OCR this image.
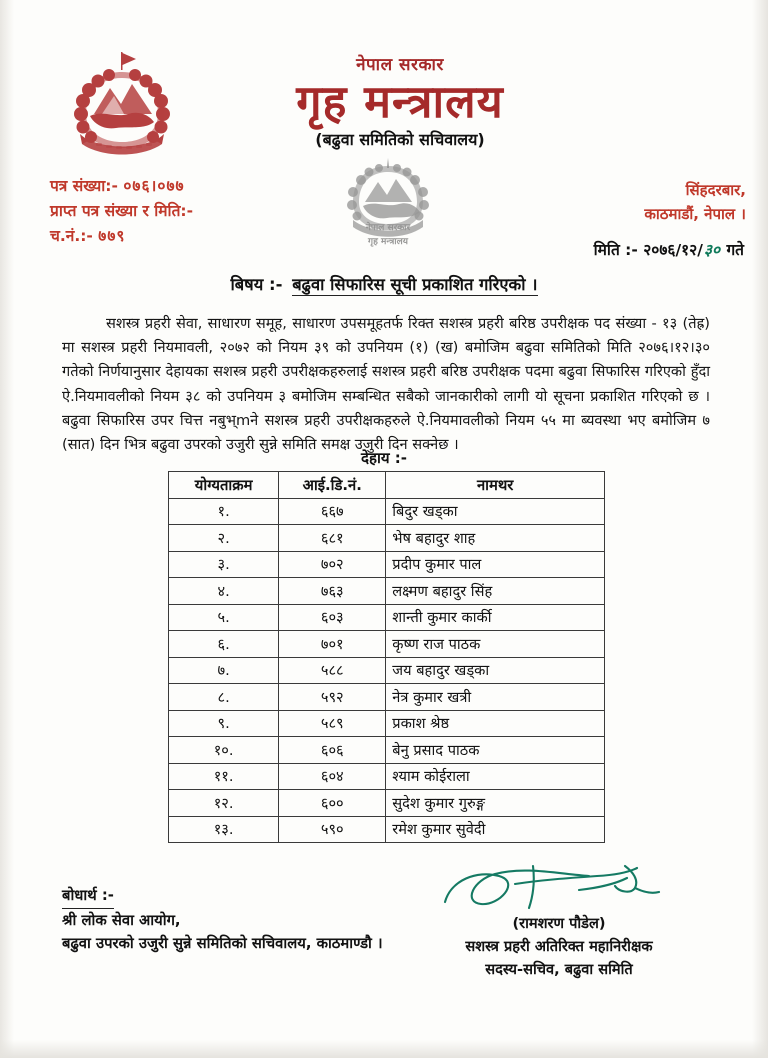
नेपाल सरकार
गृह मन्त्रालय
(बढुवा समितिको सचिवालय)
नेपाल सरकार
गृह मन्त्रालय
पत्र संख्या:- ०७६।०७७
प्राप्त पत्र संख्या र मिति:-
च.नं.:- ७७९
सिंहदरबार,
काठमाडौं, नेपाल ।
मिति :- २०७६/१२/३० गते
बिषय :- बढुवा सिफारिस सूची प्रकाशित गरिएको ।
सशस्त्र प्रहरी सेवा, साधारण समूह, साधारण उपसमूहतर्फ रिक्त सशस्त्र प्रहरी बरिष्ठ उपरीक्षक पद संख्या - १३ (तेह्र) मा सशस्त्र प्रहरी नियमावली, २०७२ को नियम ३९ को उपनियम (१) (ख) बमोजिम बढुवा समितिको मिति २०७६।१२।३० गतेको निर्णयानुसार देहायका सशस्त्र प्रहरी उपरीक्षकहरुलाई सशस्त्र प्रहरी बरिष्ठ उपरीक्षक पदमा बढुवा सिफारिस गरिएको हुँदा ऐ.नियमावलीको नियम ३८ को उपनियम ३ बमोजिम सम्बन्धित सबैको जानकारीको लागी यो सूचना प्रकाशित गरिएको छ । बढुवा सिफारिस उपर चित्त नबुभ्mने सशस्त्र प्रहरी उपरीक्षकहरुले ऐ.नियमावलीको नियम ५५ मा ब्यवस्था भए बमोजिम ७ (सात) दिन भित्र बढुवा उपरको उजुरी सुन्ने समिति समक्ष उजुरी दिन सक्नेछ ।
देहाय :-
योग्यताक्रम	आई.डि.नं.	नामथर
१.	६६७	बिदुर खड्का
२.	६८१	भेष बहादुर शाह
३.	७०२	प्रदीप कुमार पाल
४.	७६३	लक्ष्मण बहादुर सिंह
५.	६०३	शान्ती कुमार कार्की
६.	७०१	कृष्ण राज पाठक
७.	५८८	जय बहादुर खड्का
८.	५९२	नेत्र कुमार खत्री
९.	५८९	प्रकाश श्रेष्ठ
१०.	६०६	बेनु प्रसाद पाठक
११.	६०४	श्याम कोईराला
१२.	६००	सुदेश कुमार गुरुङ्ग
१३.	५९०	रमेश कुमार सुवेदी
बोधार्थ :-
श्री लोक सेवा आयोग,
बढुवा उपरको उजुरी सुन्ने समितिको सचिवालय, काठमाण्डौ ।
(रामशरण पौडेल)
सशस्त्र प्रहरी अतिरिक्त महानिरीक्षक
सदस्य-सचिव, बढुवा समिति
